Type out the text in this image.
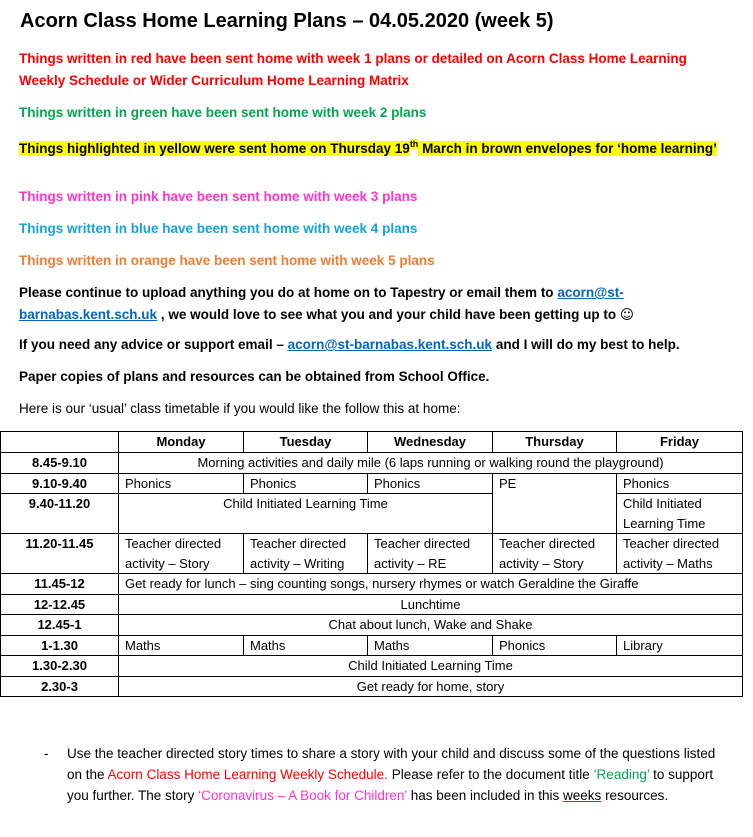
Acorn Class Home Learning Plans – 04.05.2020 (week 5)

Things written in red have been sent home with week 1 plans or detailed on Acorn Class Home Learning Weekly Schedule or Wider Curriculum Home Learning Matrix

Things written in green have been sent home with week 2 plans

Things highlighted in yellow were sent home on Thursday 19th March in brown envelopes for ‘home learning’

Things written in pink have been sent home with week 3 plans

Things written in blue have been sent home with week 4 plans

Things written in orange have been sent home with week 5 plans

Please continue to upload anything you do at home on to Tapestry or email them to acorn@st-barnabas.kent.sch.uk , we would love to see what you and your child have been getting up to ☺

If you need any advice or support email – acorn@st-barnabas.kent.sch.uk and I will do my best to help.

Paper copies of plans and resources can be obtained from School Office.

Here is our ‘usual’ class timetable if you would like the follow this at home:

	Monday	Tuesday	Wednesday	Thursday	Friday
8.45-9.10	Morning activities and daily mile (6 laps running or walking round the playground)				
9.10-9.40	Phonics	Phonics	Phonics	PE	Phonics
9.40-11.20	Child Initiated Learning Time				Child Initiated Learning Time
11.20-11.45	Teacher directed activity – Story	Teacher directed activity – Writing	Teacher directed activity – RE	Teacher directed activity – Story	Teacher directed activity – Maths
11.45-12	Get ready for lunch – sing counting songs, nursery rhymes or watch Geraldine the Giraffe				
12-12.45	Lunchtime				
12.45-1	Chat about lunch, Wake and Shake				
1-1.30	Maths	Maths	Maths	Phonics	Library
1.30-2.30	Child Initiated Learning Time				
2.30-3	Get ready for home, story				
- Use the teacher directed story times to share a story with your child and discuss some of the questions listed on the Acorn Class Home Learning Weekly Schedule. Please refer to the document title ‘Reading’ to support you further. The story ‘Coronavirus – A Book for Children’ has been included in this weeks resources.
